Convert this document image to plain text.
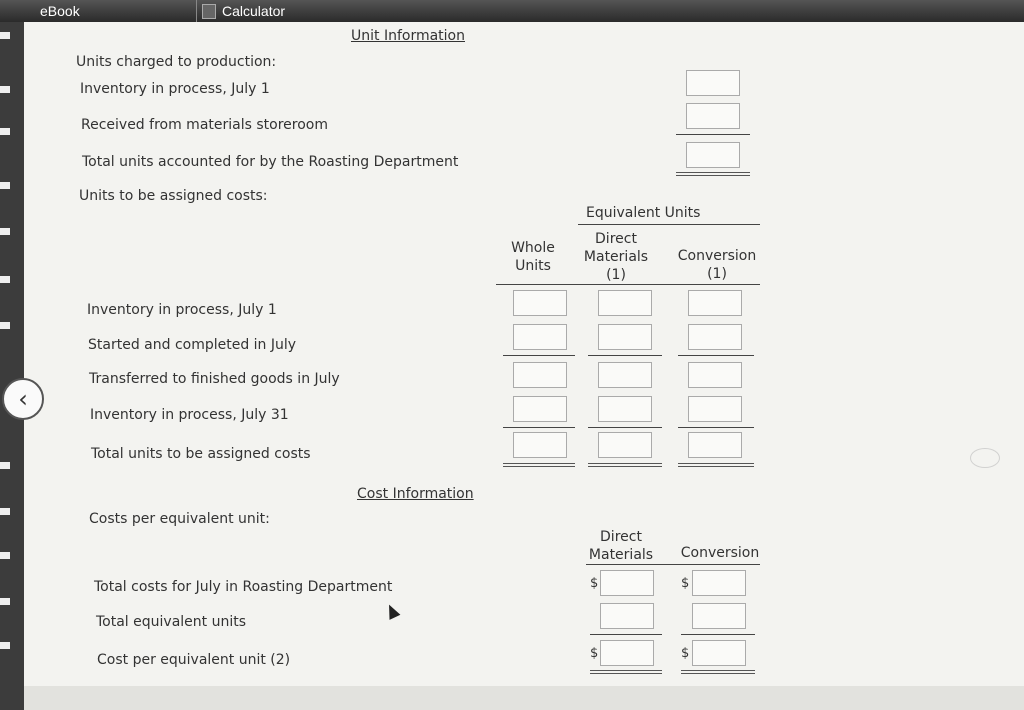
eBook	Calculator
‹
Unit Information
Units charged to production:
Inventory in process, July 1
Received from materials storeroom
Total units accounted for by the Roasting Department
Units to be assigned costs:
Equivalent Units
Whole Units
Direct Materials (1)
Conversion (1)
Inventory in process, July 1
Started and completed in July
Transferred to finished goods in July
Inventory in process, July 31
Total units to be assigned costs
Cost Information
Costs per equivalent unit:
Direct Materials	Conversion
Total costs for July in Roasting Department
Total equivalent units
Cost per equivalent unit (2)
$
$
$
$
